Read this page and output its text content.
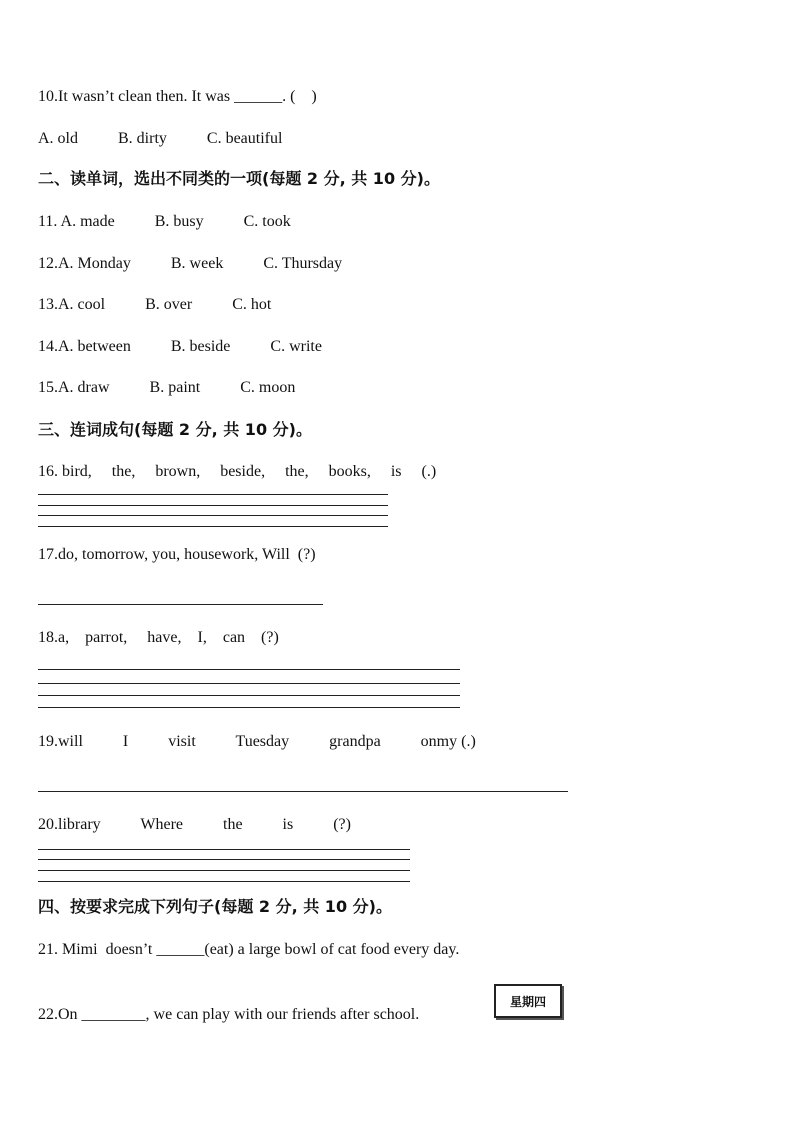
10.It wasn’t clean then. It was ______. (    )
A. old          B. dirty          C. beautiful
二、读单词，选出不同类的一项(每题 2 分, 共 10 分)。
11. A. made          B. busy          C. took
12.A. Monday          B. week          C. Thursday
13.A. cool          B. over          C. hot
14.A. between          B. beside          C. write
15.A. draw          B. paint          C. moon
三、连词成句(每题 2 分, 共 10 分)。
16. bird,     the,     brown,     beside,     the,     books,     is     (.)
17.do, tomorrow, you, housework, Will  (?)
18.a,    parrot,     have,    I,    can    (?)
19.will          I          visit          Tuesday          grandpa          onmy (.)
20.library          Where          the          is          (?)
四、按要求完成下列句子(每题 2 分, 共 10 分)。
21. Mimi  doesn’t ______(eat) a large bowl of cat food every day.
22.On ________, we can play with our friends after school.
星期四
